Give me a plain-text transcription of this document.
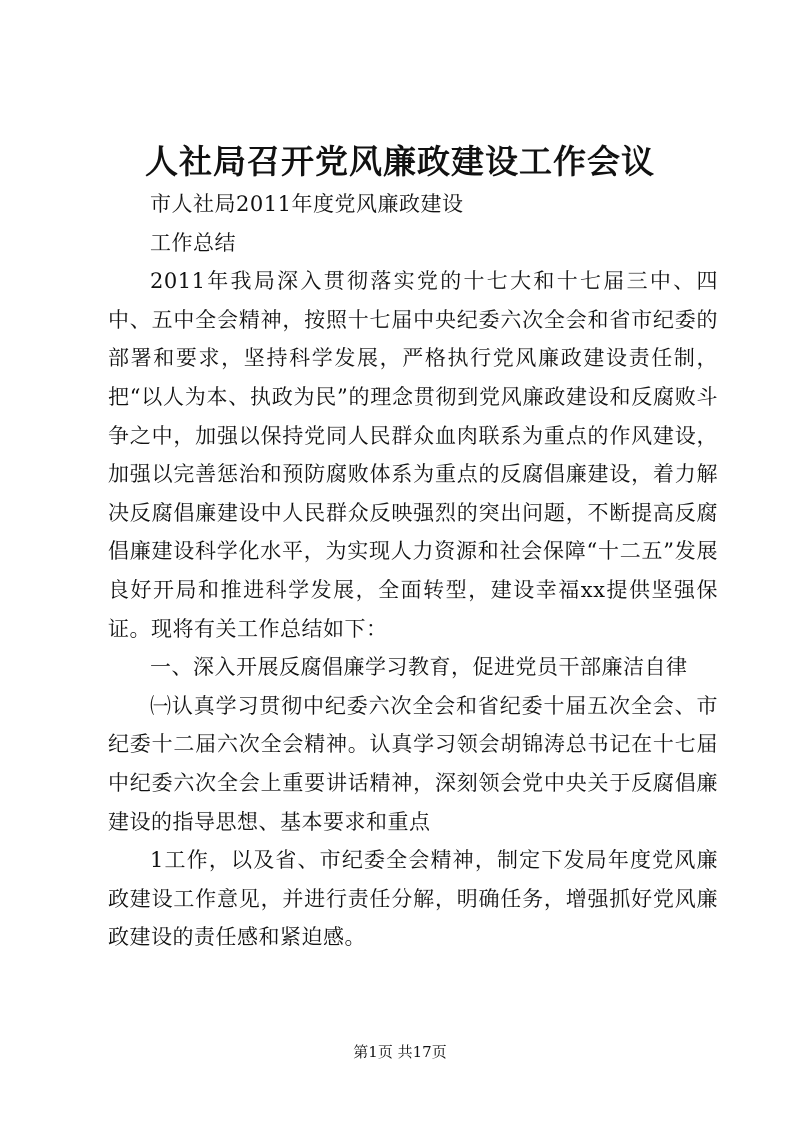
人社局召开党风廉政建设工作会议

市人社局2011年度党风廉政建设

工作总结

2011年我局深入贯彻落实党的十七大和十七届三中、四中、五中全会精神，按照十七届中央纪委六次全会和省市纪委的部署和要求，坚持科学发展，严格执行党风廉政建设责任制，把“以人为本、执政为民”的理念贯彻到党风廉政建设和反腐败斗争之中，加强以保持党同人民群众血肉联系为重点的作风建设，加强以完善惩治和预防腐败体系为重点的反腐倡廉建设，着力解决反腐倡廉建设中人民群众反映强烈的突出问题，不断提高反腐倡廉建设科学化水平，为实现人力资源和社会保障“十二五”发展良好开局和推进科学发展，全面转型，建设幸福xx提供坚强保证。现将有关工作总结如下：

一、深入开展反腐倡廉学习教育，促进党员干部廉洁自律

㈠认真学习贯彻中纪委六次全会和省纪委十届五次全会、市纪委十二届六次全会精神。认真学习领会胡锦涛总书记在十七届中纪委六次全会上重要讲话精神，深刻领会党中央关于反腐倡廉建设的指导思想、基本要求和重点

1工作，以及省、市纪委全会精神，制定下发局年度党风廉政建设工作意见，并进行责任分解，明确任务，增强抓好党风廉政建设的责任感和紧迫感。

第1页 共17页
